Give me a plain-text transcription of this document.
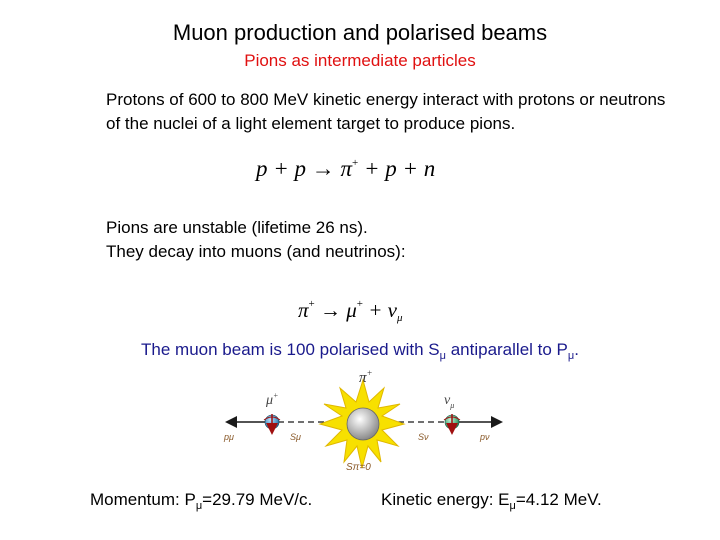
Muon production and polarised beams
Pions as intermediate particles
Protons of 600 to 800 MeV kinetic energy interact with protons or neutrons of the nuclei of a light element target to produce pions.
p + p → π+ + p + n
Pions are unstable (lifetime 26 ns).
They decay into muons (and neutrinos):
π+ → μ+ + νμ
The muon beam is 100 polarised with $S_\mu$ antiparallel to $P_\mu$.
π+
μ+	$\nu_\mu$
pμ	Sμ	Sν	pν
Sπ=0
Momentum: $P_\mu=29.79$ MeV/c.	Kinetic energy: $E_\mu=4.12$ MeV.
